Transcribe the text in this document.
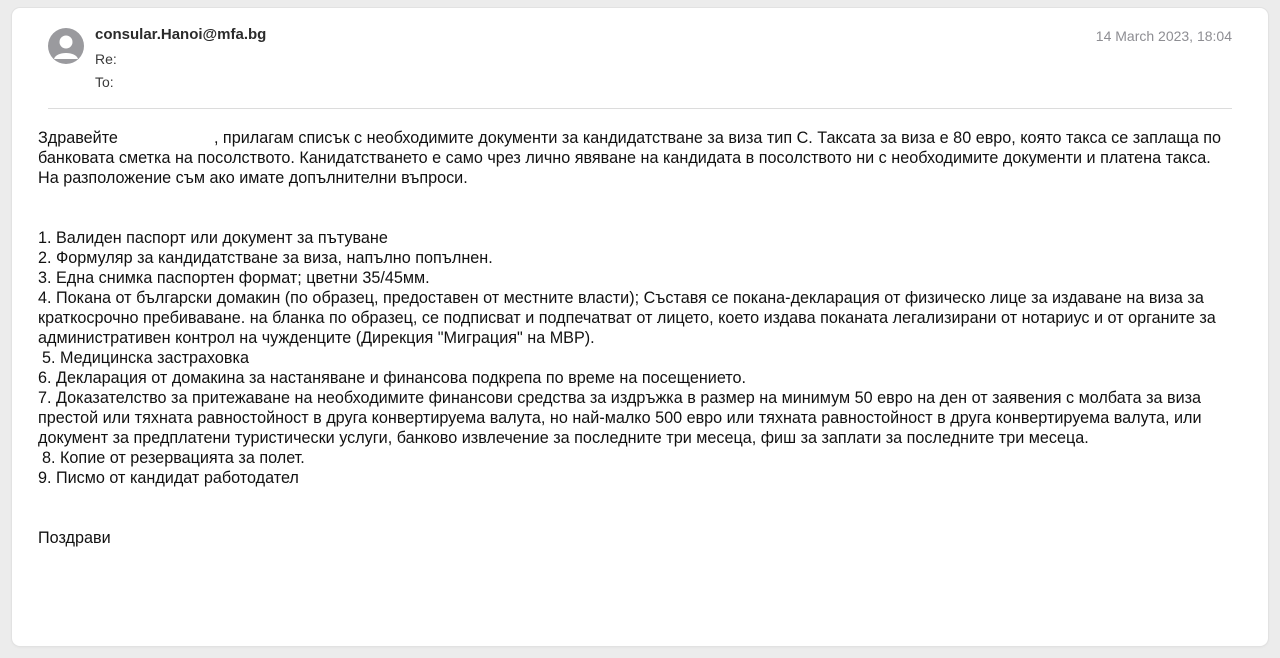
consular.Hanoi@mfa.bg
Re:
To:
14 March 2023, 18:04

Здравейте	, прилагам списък с необходимите документи за кандидатстване за виза тип С. Таксата за виза е 80 евро, която такса се заплаща по банковата сметка на посолството. Канидатстването е само чрез лично явяване на кандидата в посолството ни с необходимите документи и платена такса. На разположение съм ако имате допълнителни въпроси.

1. Валиден паспорт или документ за пътуване
2. Формуляр за кандидатстване за виза, напълно попълнен.
3. Една снимка паспортен формат; цветни 35/45мм.
4. Покана от български домакин (по образец, предоставен от местните власти); Съставя се покана-декларация от физическо лице за издаване на виза за краткосрочно пребиваване. на бланка по образец, се подписват и подпечатват от лицето, което издава поканата легализирани от нотариус и от органите за административен контрол на чужденците (Дирекция "Миграция" на МВР).
5. Медицинска застраховка
6. Декларация от домакина за настаняване и финансова подкрепа по време на посещението.
7. Доказателство за притежаване на необходимите финансови средства за издръжка в размер на минимум 50 евро на ден от заявения с молбата за виза престой или тяхната равностойност в друга конвертируема валута, но най-малко 500 евро или тяхната равностойност в друга конвертируема валута, или документ за предплатени туристически услуги, банково извлечение за последните три месеца, фиш за заплати за последните три месеца.
8. Копие от резервацията за полет.
9. Писмо от кандидат работодател

Поздрави
